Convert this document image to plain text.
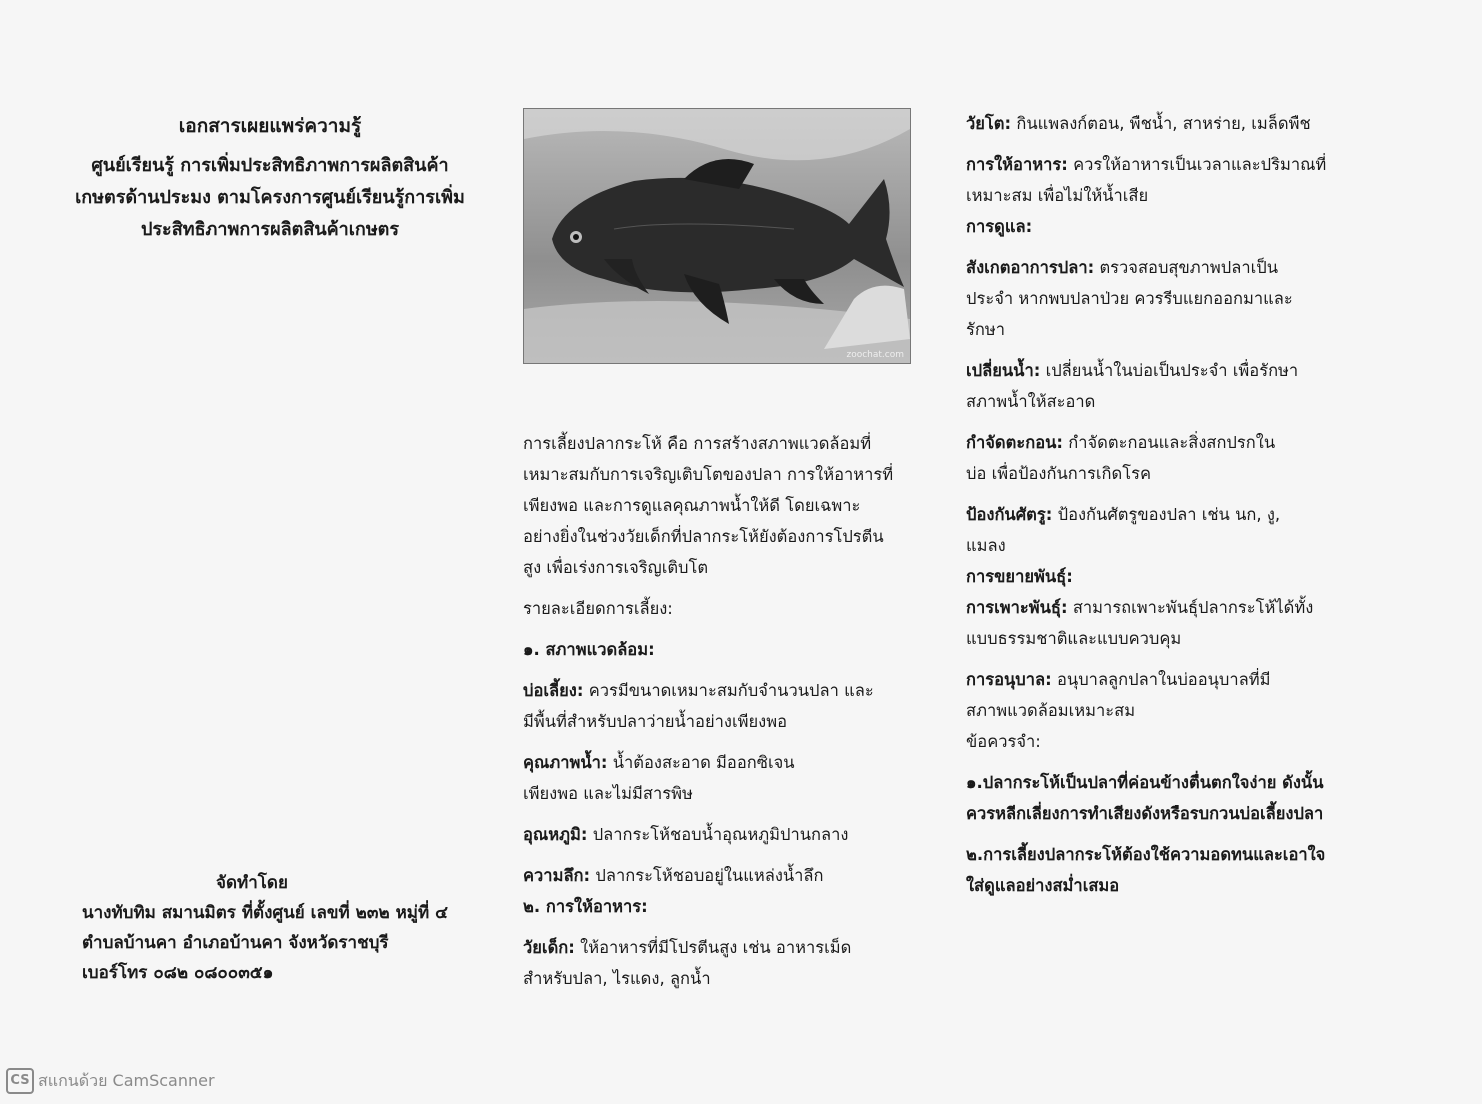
เอกสารเผยแพร่ความรู้

ศูนย์เรียนรู้ การเพิ่มประสิทธิภาพการผลิตสินค้า

เกษตรด้านประมง ตามโครงการศูนย์เรียนรู้การเพิ่ม

ประสิทธิภาพการผลิตสินค้าเกษตร

จัดทำโดย

นางทับทิม สมานมิตร ที่ตั้งศูนย์ เลขที่ ๒๓๒ หมู่ที่ ๔

ตำบลบ้านคา อำเภอบ้านคา จังหวัดราชบุรี

เบอร์โทร ๐๘๒ ๐๘๐๐๓๕๑

zoochat.com

การเลี้ยงปลากระโห้ คือ การสร้างสภาพแวดล้อมที่

เหมาะสมกับการเจริญเติบโตของปลา การให้อาหารที่

เพียงพอ และการดูแลคุณภาพน้ำให้ดี โดยเฉพาะ

อย่างยิ่งในช่วงวัยเด็กที่ปลากระโห้ยังต้องการโปรตีน

สูง เพื่อเร่งการเจริญเติบโต

รายละเอียดการเลี้ยง:

๑. สภาพแวดล้อม:

บ่อเลี้ยง: ควรมีขนาดเหมาะสมกับจำนวนปลา และ

มีพื้นที่สำหรับปลาว่ายน้ำอย่างเพียงพอ

คุณภาพน้ำ: น้ำต้องสะอาด มีออกซิเจน

เพียงพอ และไม่มีสารพิษ

อุณหภูมิ: ปลากระโห้ชอบน้ำอุณหภูมิปานกลาง

ความลึก: ปลากระโห้ชอบอยู่ในแหล่งน้ำลึก

๒. การให้อาหาร:

วัยเด็ก: ให้อาหารที่มีโปรตีนสูง เช่น อาหารเม็ด

สำหรับปลา, ไรแดง, ลูกน้ำ

วัยโต: กินแพลงก์ตอน, พืชน้ำ, สาหร่าย, เมล็ดพืช

การให้อาหาร: ควรให้อาหารเป็นเวลาและปริมาณที่

เหมาะสม เพื่อไม่ให้น้ำเสีย

การดูแล:

สังเกตอาการปลา: ตรวจสอบสุขภาพปลาเป็น

ประจำ หากพบปลาป่วย ควรรีบแยกออกมาและ

รักษา

เปลี่ยนน้ำ: เปลี่ยนน้ำในบ่อเป็นประจำ เพื่อรักษา

สภาพน้ำให้สะอาด

กำจัดตะกอน: กำจัดตะกอนและสิ่งสกปรกใน

บ่อ เพื่อป้องกันการเกิดโรค

ป้องกันศัตรู: ป้องกันศัตรูของปลา เช่น นก, งู,

แมลง

การขยายพันธุ์:

การเพาะพันธุ์: สามารถเพาะพันธุ์ปลากระโห้ได้ทั้ง

แบบธรรมชาติและแบบควบคุม

การอนุบาล: อนุบาลลูกปลาในบ่ออนุบาลที่มี

สภาพแวดล้อมเหมาะสม

ข้อควรจำ:

๑.ปลากระโห้เป็นปลาที่ค่อนข้างตื่นตกใจง่าย ดังนั้น

ควรหลีกเลี่ยงการทำเสียงดังหรือรบกวนบ่อเลี้ยงปลา

๒.การเลี้ยงปลากระโห้ต้องใช้ความอดทนและเอาใจ

ใส่ดูแลอย่างสม่ำเสมอ

CS สแกนด้วย CamScanner
